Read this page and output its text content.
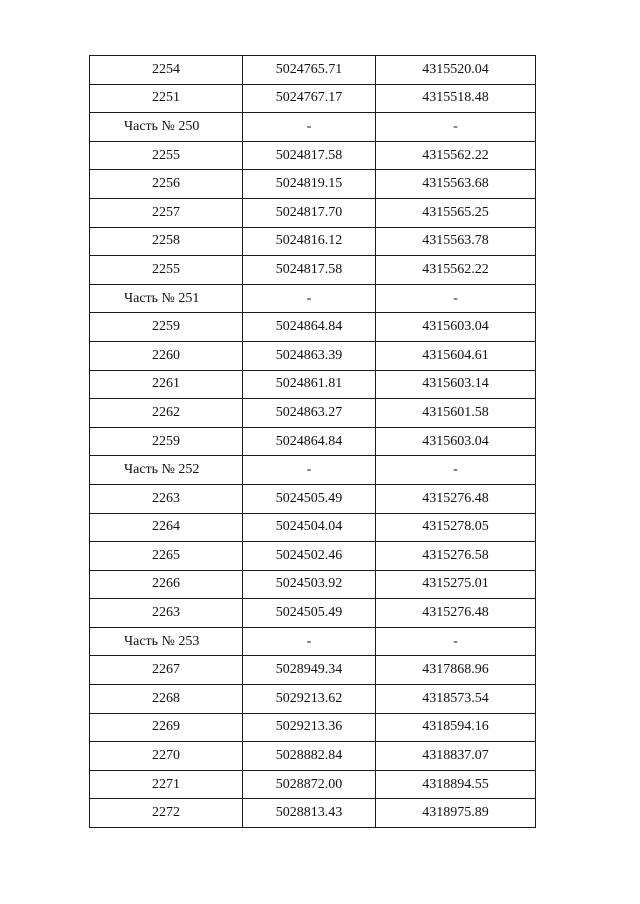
2254	5024765.71	4315520.04
2251	5024767.17	4315518.48
Часть № 250	-	-
2255	5024817.58	4315562.22
2256	5024819.15	4315563.68
2257	5024817.70	4315565.25
2258	5024816.12	4315563.78
2255	5024817.58	4315562.22
Часть № 251	-	-
2259	5024864.84	4315603.04
2260	5024863.39	4315604.61
2261	5024861.81	4315603.14
2262	5024863.27	4315601.58
2259	5024864.84	4315603.04
Часть № 252	-	-
2263	5024505.49	4315276.48
2264	5024504.04	4315278.05
2265	5024502.46	4315276.58
2266	5024503.92	4315275.01
2263	5024505.49	4315276.48
Часть № 253	-	-
2267	5028949.34	4317868.96
2268	5029213.62	4318573.54
2269	5029213.36	4318594.16
2270	5028882.84	4318837.07
2271	5028872.00	4318894.55
2272	5028813.43	4318975.89
